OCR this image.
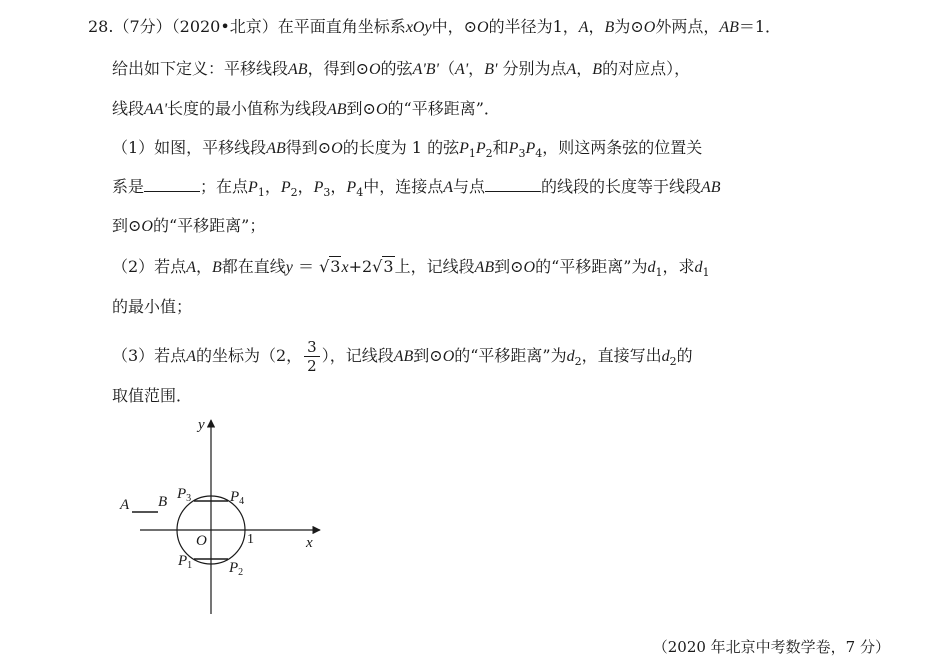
28.（7分）（2020•北京）在平面直角坐标系xOy中，⊙O的半径为1，A，B为⊙O外两点，AB＝1．
给出如下定义：平移线段AB，得到⊙O的弦A'B'（A'，B' 分别为点A，B的对应点），
线段AA'长度的最小值称为线段AB到⊙O的“平移距离”．
（1）如图，平移线段AB得到⊙O的长度为 1 的弦$P_1P_2$和$P_3P_4$，则这两条弦的位置关
系是	；在点$P_1$，$P_2$，$P_3$，$P_4$中，连接点A与点	的线段的长度等于线段AB
到⊙O的“平移距离”；
（2）若点A，B都在直线y ＝ √3x+2√3上，记线段AB到⊙O的“平移距离”为$d_1$，求$d_1$
的最小值；
（3）若点A的坐标为（2， $\frac{3}{2}$ ），记线段AB到⊙O的“平移距离”为$d_2$，直接写出$d_2$的
取值范围．
y
x
O
A B $P_3$	$P_4$
$P_1$ $P_2$
1
（2020 年北京中考数学卷，7 分）
